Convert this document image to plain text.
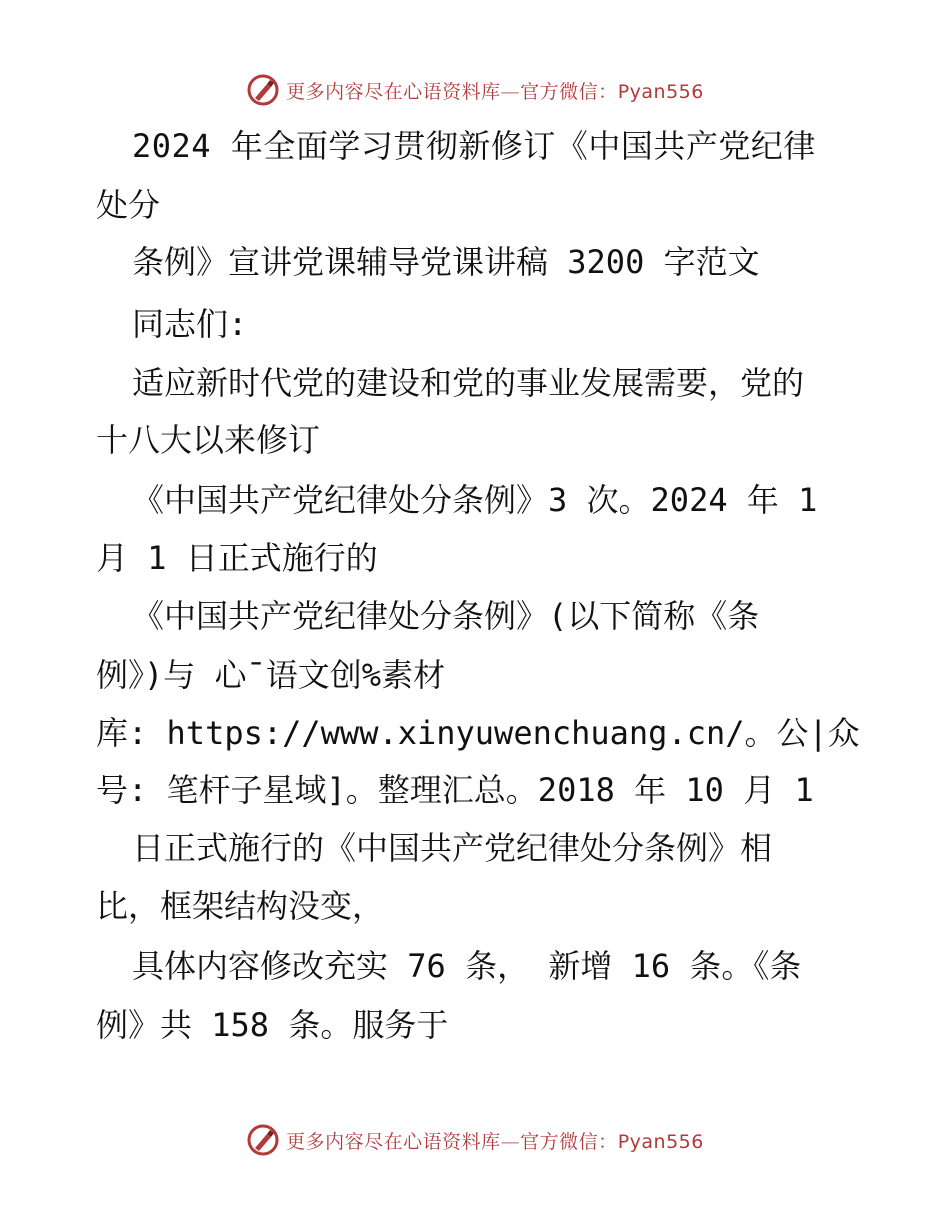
更多内容尽在心语资料库—官方微信：Pyan556
2024 年全面学习贯彻新修订《中国共产党纪律
处分
条例》宣讲党课辅导党课讲稿 3200 字范文
同志们:
适应新时代党的建设和党的事业发展需要，党的
十八大以来修订
《中国共产党纪律处分条例》3 次。2024 年 1
月 1 日正式施行的
《中国共产党纪律处分条例》(以下简称《条
例》)与 心¯语文创%素材
库: https://www.xinyuwenchuang.cn/。公|众
号: 笔杆子星域]。整理汇总。2018 年 10 月 1
日正式施行的《中国共产党纪律处分条例》相
比，框架结构没变，
具体内容修改充实 76 条， 新增 16 条。《条
例》共 158 条。服务于
更多内容尽在心语资料库—官方微信：Pyan556
